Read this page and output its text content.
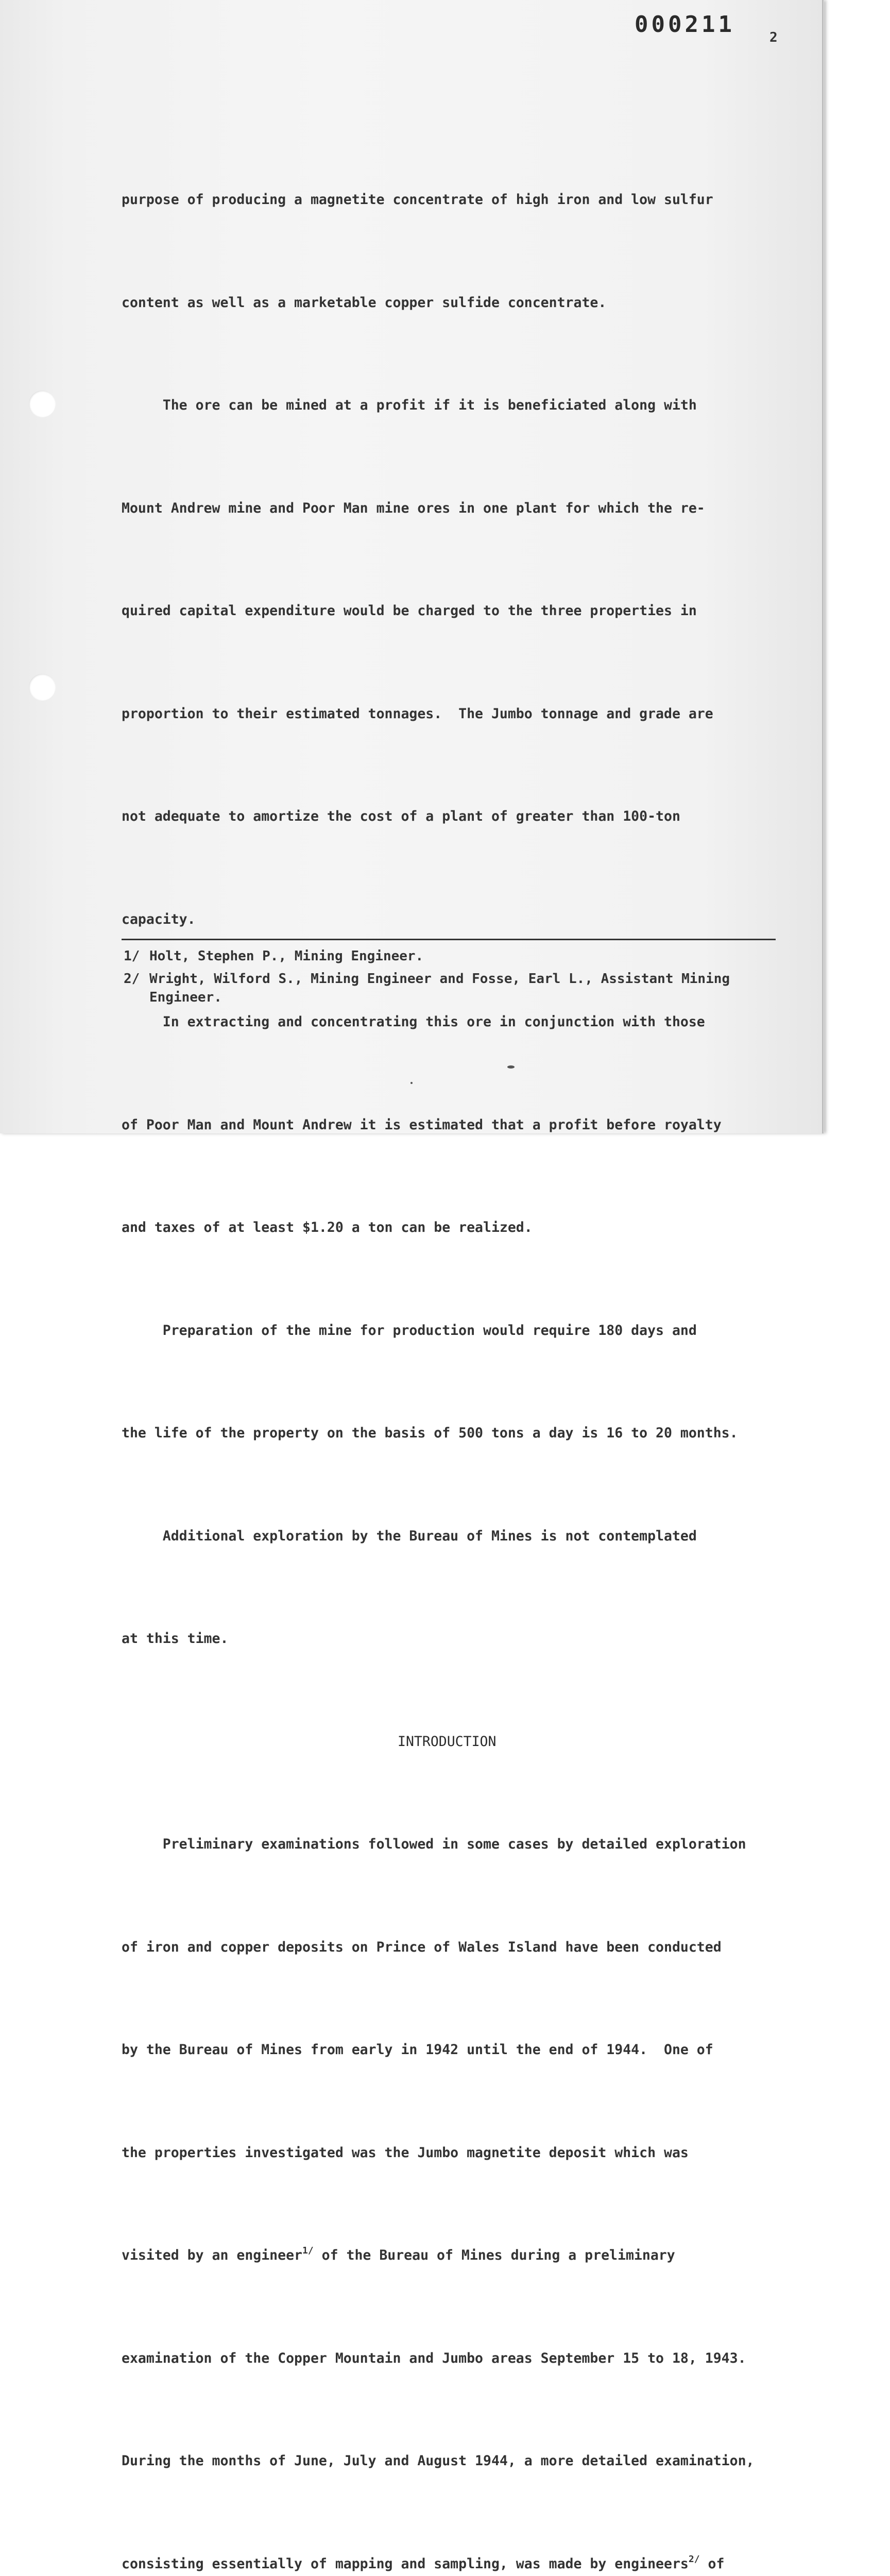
000211	2

purpose of producing a magnetite concentrate of high iron and low sulfur

content as well as a marketable copper sulfide concentrate.

The ore can be mined at a profit if it is beneficiated along with

Mount Andrew mine and Poor Man mine ores in one plant for which the re-

quired capital expenditure would be charged to the three properties in

proportion to their estimated tonnages.  The Jumbo tonnage and grade are

not adequate to amortize the cost of a plant of greater than 100-ton

capacity.

In extracting and concentrating this ore in conjunction with those

of Poor Man and Mount Andrew it is estimated that a profit before royalty

and taxes of at least $1.20 a ton can be realized.

Preparation of the mine for production would require 180 days and

the life of the property on the basis of 500 tons a day is 16 to 20 months.

Additional exploration by the Bureau of Mines is not contemplated

at this time.

INTRODUCTION

Preliminary examinations followed in some cases by detailed exploration

of iron and copper deposits on Prince of Wales Island have been conducted

by the Bureau of Mines from early in 1942 until the end of 1944.  One of

the properties investigated was the Jumbo magnetite deposit which was

visited by an engineer$^{1/}$ of the Bureau of Mines during a preliminary

examination of the Copper Mountain and Jumbo areas September 15 to 18, 1943.

During the months of June, July and August 1944, a more detailed examination,

consisting essentially of mapping and sampling, was made by engineers$^{2/}$ of

1/ Holt, Stephen P., Mining Engineer.
2/ Wright, Wilford S., Mining Engineer and Fosse, Earl L., Assistant Mining
Engineer.
